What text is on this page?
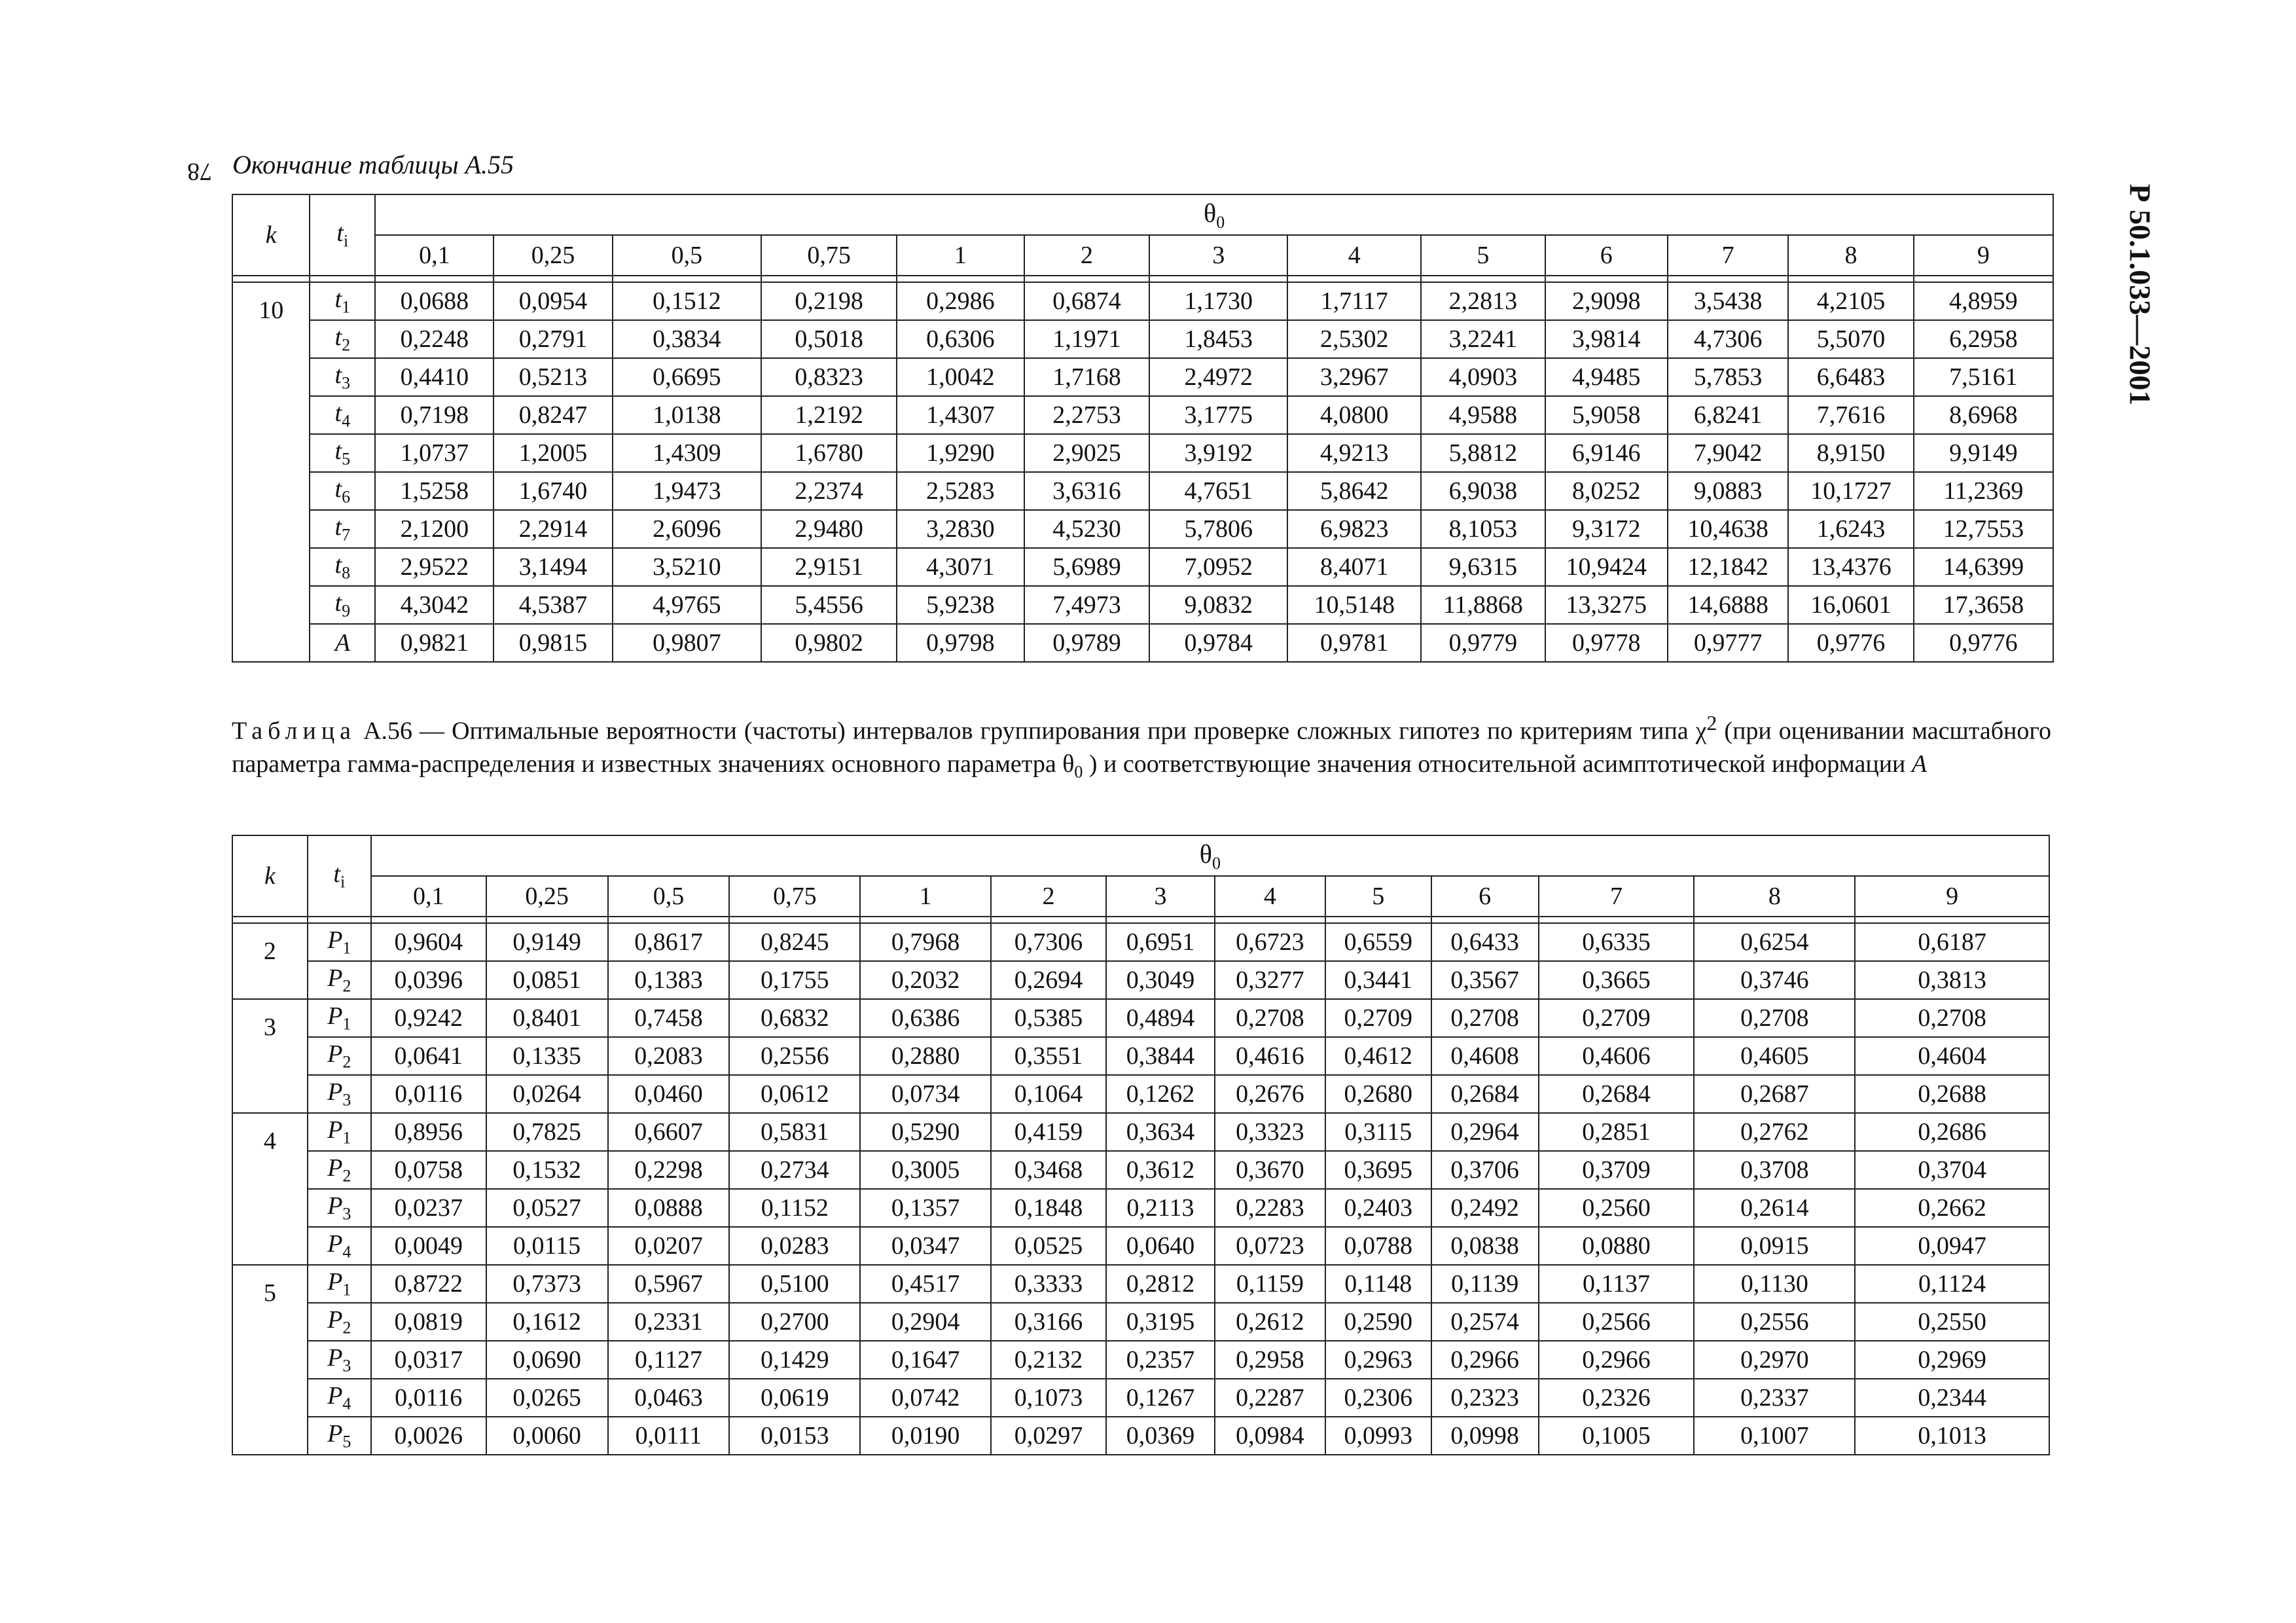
78 Окончание таблицы А.55
Р 50.1.033—2001
k	$t_i$	$\theta_0$
		0,1	0,25	0,5	0,75	1	2	3	4	5	6	7	8	9

10	$t_1$	0,0688	0,0954	0,1512	0,2198	0,2986	0,6874	1,1730	1,7117	2,2813	2,9098	3,5438	4,2105	4,8959
	$t_2$	0,2248	0,2791	0,3834	0,5018	0,6306	1,1971	1,8453	2,5302	3,2241	3,9814	4,7306	5,5070	6,2958
	$t_3$	0,4410	0,5213	0,6695	0,8323	1,0042	1,7168	2,4972	3,2967	4,0903	4,9485	5,7853	6,6483	7,5161
	$t_4$	0,7198	0,8247	1,0138	1,2192	1,4307	2,2753	3,1775	4,0800	4,9588	5,9058	6,8241	7,7616	8,6968
	$t_5$	1,0737	1,2005	1,4309	1,6780	1,9290	2,9025	3,9192	4,9213	5,8812	6,9146	7,9042	8,9150	9,9149
	$t_6$	1,5258	1,6740	1,9473	2,2374	2,5283	3,6316	4,7651	5,8642	6,9038	8,0252	9,0883	10,1727	11,2369
	$t_7$	2,1200	2,2914	2,6096	2,9480	3,2830	4,5230	5,7806	6,9823	8,1053	9,3172	10,4638	1,6243	12,7553
	$t_8$	2,9522	3,1494	3,5210	2,9151	4,3071	5,6989	7,0952	8,4071	9,6315	10,9424	12,1842	13,4376	14,6399
	$t_9$	4,3042	4,5387	4,9765	5,4556	5,9238	7,4973	9,0832	10,5148	11,8868	13,3275	14,6888	16,0601	17,3658
	A	0,9821	0,9815	0,9807	0,9802	0,9798	0,9789	0,9784	0,9781	0,9779	0,9778	0,9777	0,9776	0,9776
Таблица А.56 — Оптимальные вероятности (частоты) интервалов группирования при проверке сложных гипотез по критериям типа $\chi^2$ (при оценивании масштабного параметра гамма-распределения и известных значениях основного параметра $\theta_0$ ) и соответствующие значения относительной асимптотической информации A
k	$t_i$	$\theta_0$
		0,1	0,25	0,5	0,75	1	2	3	4	5	6	7	8	9

2	$P_1$	0,9604	0,9149	0,8617	0,8245	0,7968	0,7306	0,6951	0,6723	0,6559	0,6433	0,6335	0,6254	0,6187
	$P_2$	0,0396	0,0851	0,1383	0,1755	0,2032	0,2694	0,3049	0,3277	0,3441	0,3567	0,3665	0,3746	0,3813
3	$P_1$	0,9242	0,8401	0,7458	0,6832	0,6386	0,5385	0,4894	0,2708	0,2709	0,2708	0,2709	0,2708	0,2708
	$P_2$	0,0641	0,1335	0,2083	0,2556	0,2880	0,3551	0,3844	0,4616	0,4612	0,4608	0,4606	0,4605	0,4604
	$P_3$	0,0116	0,0264	0,0460	0,0612	0,0734	0,1064	0,1262	0,2676	0,2680	0,2684	0,2684	0,2687	0,2688
4	$P_1$	0,8956	0,7825	0,6607	0,5831	0,5290	0,4159	0,3634	0,3323	0,3115	0,2964	0,2851	0,2762	0,2686
	$P_2$	0,0758	0,1532	0,2298	0,2734	0,3005	0,3468	0,3612	0,3670	0,3695	0,3706	0,3709	0,3708	0,3704
	$P_3$	0,0237	0,0527	0,0888	0,1152	0,1357	0,1848	0,2113	0,2283	0,2403	0,2492	0,2560	0,2614	0,2662
	$P_4$	0,0049	0,0115	0,0207	0,0283	0,0347	0,0525	0,0640	0,0723	0,0788	0,0838	0,0880	0,0915	0,0947
5	$P_1$	0,8722	0,7373	0,5967	0,5100	0,4517	0,3333	0,2812	0,1159	0,1148	0,1139	0,1137	0,1130	0,1124
	$P_2$	0,0819	0,1612	0,2331	0,2700	0,2904	0,3166	0,3195	0,2612	0,2590	0,2574	0,2566	0,2556	0,2550
	$P_3$	0,0317	0,0690	0,1127	0,1429	0,1647	0,2132	0,2357	0,2958	0,2963	0,2966	0,2966	0,2970	0,2969
	$P_4$	0,0116	0,0265	0,0463	0,0619	0,0742	0,1073	0,1267	0,2287	0,2306	0,2323	0,2326	0,2337	0,2344
	$P_5$	0,0026	0,0060	0,0111	0,0153	0,0190	0,0297	0,0369	0,0984	0,0993	0,0998	0,1005	0,1007	0,1013
